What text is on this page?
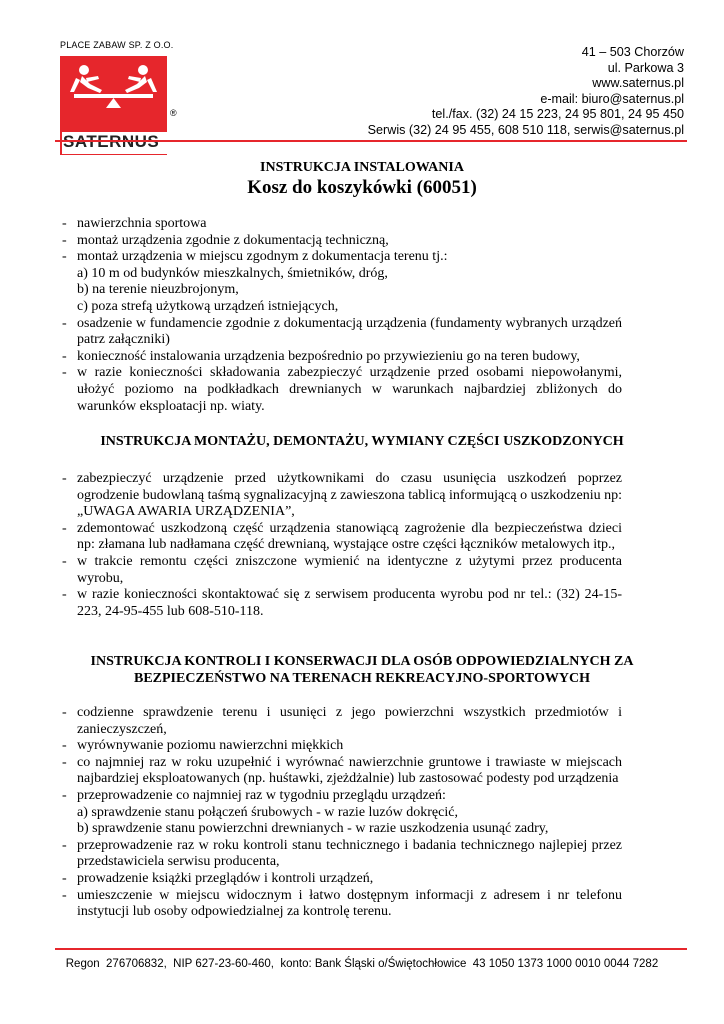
PLACE ZABAW SP. Z O.O.
®
41 – 503 Chorzów
ul. Parkowa 3
www.saternus.pl
e-mail: biuro@saternus.pl
tel./fax. (32) 24 15 223, 24 95 801, 24 95 450
Serwis (32) 24 95 455, 608 510 118, serwis@saternus.pl
INSTRUKCJA INSTALOWANIA
Kosz do koszykówki (60051)
- nawierzchnia sportowa
- montaż urządzenia zgodnie z dokumentacją techniczną,
- montaż urządzenia w miejscu zgodnym z dokumentacja terenu tj.:
a) 10 m od budynków mieszkalnych, śmietników, dróg,
b) na terenie nieuzbrojonym,
c) poza strefą użytkową urządzeń istniejących,
- osadzenie w fundamencie zgodnie z dokumentacją urządzenia (fundamenty wybranych urządzeń patrz załączniki)
- konieczność instalowania urządzenia bezpośrednio po przywiezieniu go na teren budowy,
- w razie konieczności składowania zabezpieczyć urządzenie przed osobami niepowołanymi, ułożyć poziomo na podkładkach drewnianych w warunkach najbardziej zbliżonych do warunków eksploatacji np. wiaty.
INSTRUKCJA MONTAŻU, DEMONTAŻU, WYMIANY CZĘŚCI USZKODZONYCH
- zabezpieczyć urządzenie przed użytkownikami do czasu usunięcia uszkodzeń poprzez ogrodzenie budowlaną taśmą sygnalizacyjną z zawieszona tablicą informującą o uszkodzeniu np: „UWAGA AWARIA URZĄDZENIA”,
- zdemontować uszkodzoną część urządzenia stanowiącą zagrożenie dla bezpieczeństwa dzieci np: złamana lub nadłamana część drewnianą, wystające ostre części łączników metalowych itp.,
- w trakcie remontu części zniszczone wymienić na identyczne z użytymi przez producenta wyrobu,
- w razie konieczności skontaktować się z serwisem producenta wyrobu pod nr tel.: (32) 24-15-223, 24-95-455 lub 608-510-118.
INSTRUKCJA KONTROLI I KONSERWACJI DLA OSÓB ODPOWIEDZIALNYCH ZA BEZPIECZEŃSTWO NA TERENACH REKREACYJNO-SPORTOWYCH
- codzienne sprawdzenie terenu i usunięci z jego powierzchni wszystkich przedmiotów i zanieczyszczeń,
- wyrównywanie poziomu nawierzchni miękkich
- co najmniej raz w roku uzupełnić i wyrównać nawierzchnie gruntowe i trawiaste w miejscach najbardziej eksploatowanych (np. huśtawki, zjeżdżalnie) lub zastosować podesty pod urządzenia
- przeprowadzenie co najmniej raz w tygodniu przeglądu urządzeń:
a) sprawdzenie stanu połączeń śrubowych - w razie luzów dokręcić,
b) sprawdzenie stanu powierzchni drewnianych - w razie uszkodzenia usunąć zadry,
- przeprowadzenie raz w roku kontroli stanu technicznego i badania technicznego najlepiej przez przedstawiciela serwisu producenta,
- prowadzenie książki przeglądów i kontroli urządzeń,
- umieszczenie w miejscu widocznym i łatwo dostępnym informacji z adresem i nr telefonu instytucji lub osoby odpowiedzialnej za kontrolę terenu.
Regon  276706832,  NIP 627-23-60-460,  konto: Bank Śląski o/Świętochłowice  43 1050 1373 1000 0010 0044 7282
